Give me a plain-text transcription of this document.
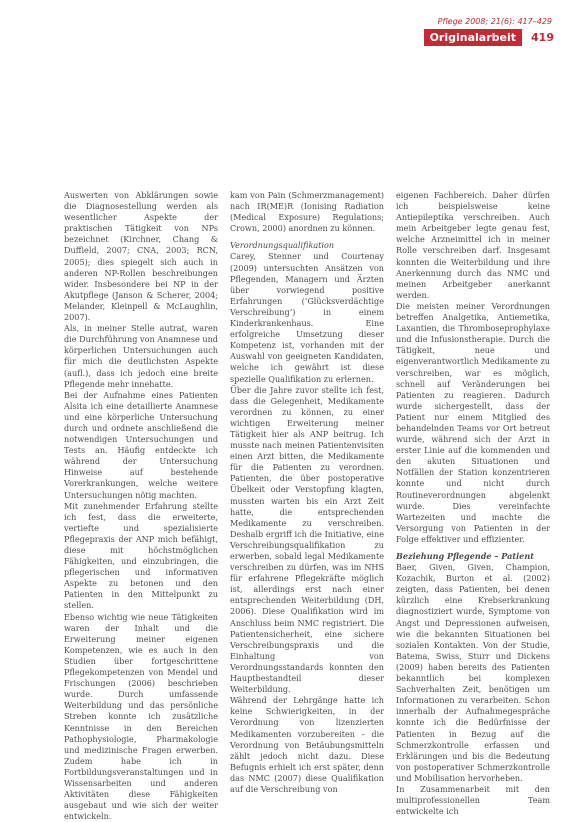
Pflege 2008; 21(6): 417–429
Originalarbeit	419

Auswerten von Abklärungen sowie die Diagnosestellung werden als wesentlicher Aspekte der praktischen Tätigkeit von NPs bezeichnet (Kirchner, Chang & Duffield, 2007; CNA, 2003; RCN, 2005); dies spiegelt sich auch in anderen NP-Rollen beschreibungen wider. Insbesondere bei NP in der Akutpflege (Janson & Scherer, 2004; Melander, Kleinpell & McLaughlin, 2007).

Als, in meiner Stelle autrat, waren die Durchführung von Anamnese und körperlichen Untersuchungen auch für mich die deutlichsten Aspekte (aufl.), dass ich jedoch eine breite Pflegende mehr innehatte.

Bei der Aufnahme eines Patienten Alsita ich eine detaillierte Anamnese und eine körperliche Untersuchung durch und ordnete anschließend die notwendigen Untersuchungen und Tests an. Häufig entdeckte ich während der Untersuchung Hinweise auf bestehende Vorerkrankungen, welche weitere Untersuchungen nötig machten.

Mit zunehmender Erfahrung stellte ich fest, dass die erweiterte, vertiefte und spezialisierte Pflegepraxis der ANP mich befähigt, diese mit höchstmöglichen Fähigkeiten, und einzubringen, die pflegerischen und informativen Aspekte zu betonen und den Patienten in den Mittelpunkt zu stellen.

Ebenso wichtig wie neue Tätigkeiten waren der Inhalt und die Erweiterung meiner eigenen Kompetenzen, wie es auch in den Studien über fortgeschrittene Pflegekompetenzen von Mendel und Frischungen (2006) beschrieben wurde. Durch umfassende Weiterbildung und das persönliche Streben konnte ich zusätzliche Kenntnisse in den Bereichen Pathophysiologie, Pharmakologie und medizinische Fragen erwerben. Zudem habe ich in Fortbildungsveranstaltungen und in Wissensarbeiten und anderen Aktivitäten diese Fähigkeiten ausgebaut und wie sich der weiter entwickeln.

kam von Pain (Schmerzmanagement) nach IR(ME)R (Ionising Radiation (Medical Exposure) Regulations; Crown, 2000) anordnen zu können.

Verordnungsqualifikation

Carey, Stenner und Courtenay (2009) untersuchten Ansätzen von Pflegenden, Managern und Ärzten über vorwiegend positive Erfahrungen (‘Glücksverdächtige Verschreibung’) in einem Kinderkrankenhaus. Eine erfolgreiche Umsetzung dieser Kompetenz ist, vorhanden mit der Auswahl von geeigneten Kandidaten, welche ich gewährt ist diese spezielle Qualifikation zu erlernen.

Über die Jahre zuvor stellte ich fest, dass die Gelegenheit, Medikamente verordnen zu können, zu einer wichtigen Erweiterung meiner Tätigkeit hier als ANP beitrug. Ich musste nach meinen Patientenvisiten einen Arzt bitten, die Medikamente für die Patienten zu verordnen. Patienten, die über postoperative Übelkeit oder Verstopfung klagten, mussten warten bis ein Arzt Zeit hatte, die entsprechenden Medikamente zu verschreiben. Deshalb ergriff ich die Initiative, eine Verschreibungsqualifikation zu erwerben, sobald legal Medikamente verschreiben zu dürfen, was im NHS für erfahrene Pflegekräfte möglich ist, allerdings erst nach einer entsprechenden Weiterbildung (DH, 2006). Diese Qualifikation wird im Anschluss beim NMC registriert. Die Patientensicherheit, eine sichere Verschreibungspraxis und die Einhaltung von Verordnungsstandards konnten den Hauptbestandteil dieser Weiterbildung.

Während der Lehrgänge hatte ich keine Schwierigkeiten, in der Verordnung von lizenzierten Medikamenten vorzubereiten – die Verordnung von Betäubungsmitteln zählt jedoch nicht dazu. Diese Befugnis erhielt ich erst später, denn das NMC (2007) diese Qualifikation auf die Verschreibung von

eigenen Fachbereich. Daher dürfen ich beispielsweise keine Antiepileptika verschreiben. Auch mein Arbeitgeber legte genau fest, welche Arzneimittel ich in meiner Rolle verschreiben darf. Insgesamt konnten die Weiterbildung und ihre Anerkennung durch das NMC und meinen Arbeitgeber anerkannt werden.

Die meisten meiner Verordnungen betreffen Analgetika, Antiemetika, Laxantien, die Thromboseprophylaxe und die Infusionstherapie. Durch die Tätigkeit, neue und eigenverantwortlich Medikamente zu verschreiben, war es möglich, schnell auf Veränderungen bei Patienten zu reagieren. Dadurch wurde sichergestellt, dass der Patient nur einem Mitglied des behandelnden Teams vor Ort betreut wurde, während sich der Arzt in erster Linie auf die kommenden und den akuten Situationen und Notfällen der Station konzentrieren konnte und nicht durch Routineverordnungen abgelenkt wurde. Dies vereinfachte Wartezeiten und machte die Versorgung von Patienten in der Folge effektiver und effizienter.

Beziehung Pflegende – Patient

Baer, Given, Given, Champion, Kozachik, Burton et al. (2002) zeigten, dass Patienten, bei denen kürzlich eine Krebserkrankung diagnostiziert wurde, Symptome von Angst und Depressionen aufweisen, wie die bekannten Situationen bei sozialen Kontakten. Von der Studie, Batema, Swiss, Sturr und Dickens (2009) haben bereits des Patienten bekanntlich bei komplexen Sachverhalten Zeit, benötigen um Informationen zu verarbeiten. Schon innerhalb der Aufnahmegespräche konnte ich die Bedürfnisse der Patienten in Bezug auf die Schmerzkontrolle erfassen und Erklärungen und bis die Bedeutung von postoperativer Schmerzkontrolle und Mobilisation hervorheben.

In Zusammenarbeit mit den multiprofessionellen Team entwickelte ich
